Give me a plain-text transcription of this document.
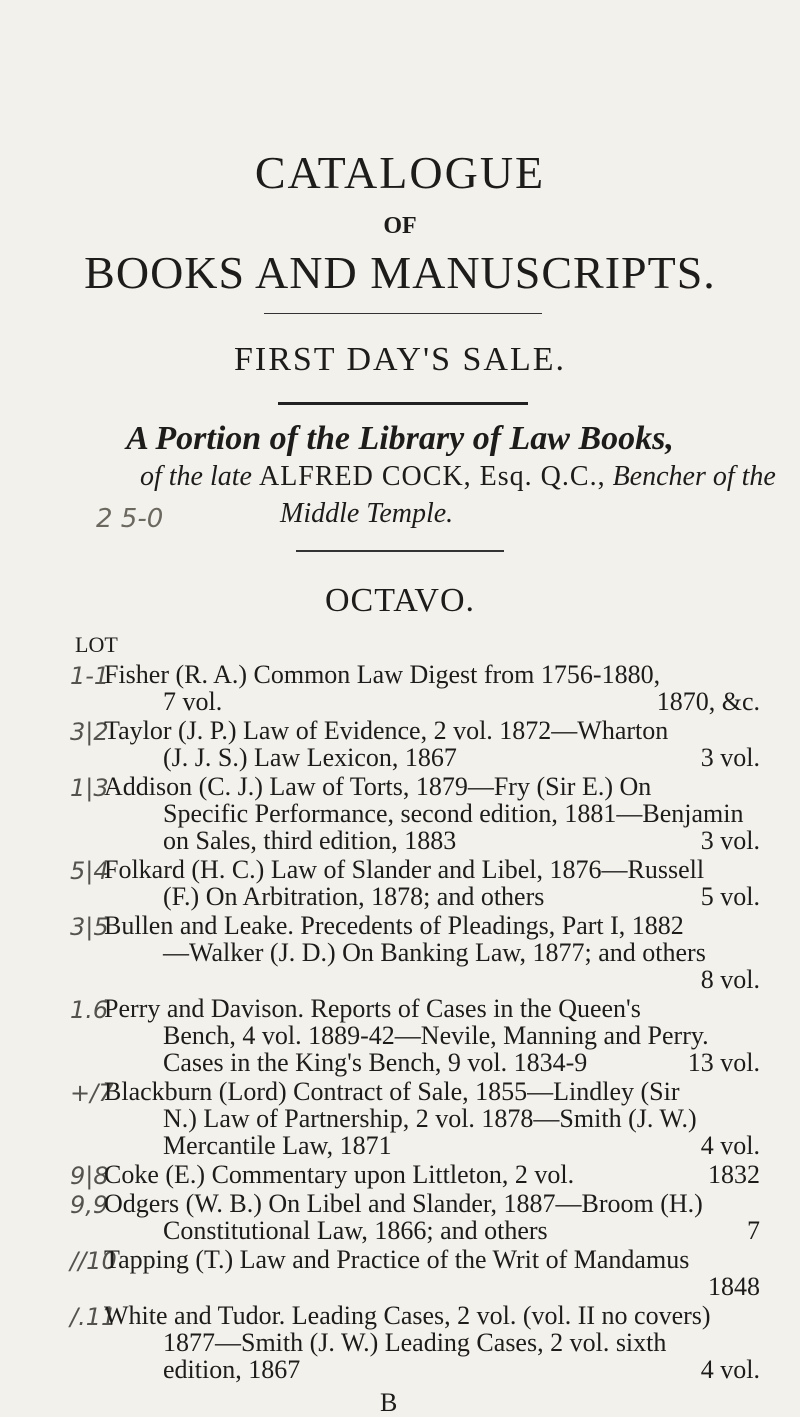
CATALOGUE
OF
BOOKS AND MANUSCRIPTS.
FIRST DAY'S SALE.
A Portion of the Library of Law Books,
of the late ALFRED COCK, Esq. Q.C., Bencher of the
Middle Temple.
2 5-0
OCTAVO.
LOT
1-1
Fisher (R. A.) Common Law Digest from 1756-1880,
7 vol.	1870, &c.
3|2
Taylor (J. P.) Law of Evidence, 2 vol. 1872—Wharton
(J. J. S.) Law Lexicon, 1867	3 vol.
1|3
Addison (C. J.) Law of Torts, 1879—Fry (Sir E.) On
Specific Performance, second edition, 1881—Benjamin
on Sales, third edition, 1883	3 vol.
5|4
Folkard (H. C.) Law of Slander and Libel, 1876—Russell
(F.) On Arbitration, 1878; and others	5 vol.
3|5
Bullen and Leake. Precedents of Pleadings, Part I, 1882
—Walker (J. D.) On Banking Law, 1877; and others
8 vol.
1.6
Perry and Davison. Reports of Cases in the Queen's
Bench, 4 vol. 1889-42—Nevile, Manning and Perry.
Cases in the King's Bench, 9 vol. 1834-9	13 vol.
+/7
Blackburn (Lord) Contract of Sale, 1855—Lindley (Sir
N.) Law of Partnership, 2 vol. 1878—Smith (J. W.)
Mercantile Law, 1871	4 vol.
9|8
Coke (E.) Commentary upon Littleton, 2 vol.	1832
9,9
Odgers (W. B.) On Libel and Slander, 1887—Broom (H.)
Constitutional Law, 1866; and others	7
//10
Tapping (T.) Law and Practice of the Writ of Mandamus
1848
/.11
White and Tudor. Leading Cases, 2 vol. (vol. II no covers)
1877—Smith (J. W.) Leading Cases, 2 vol. sixth
edition, 1867	4 vol.
B
